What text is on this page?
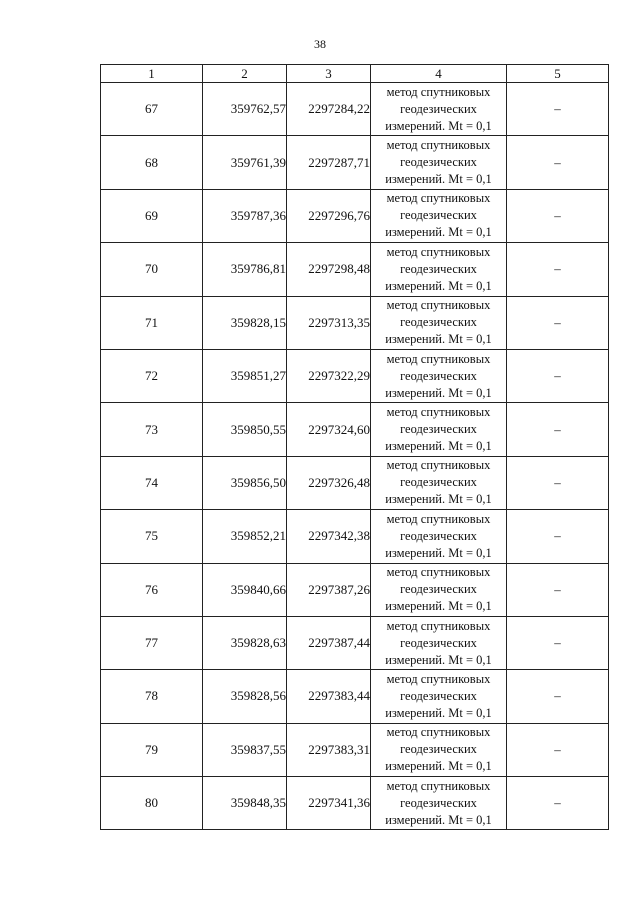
38
1	2	3	4	5
67	359762,57	2297284,22	метод спутниковых
геодезических
измерений. Mt = 0,1	–
68	359761,39	2297287,71	метод спутниковых
геодезических
измерений. Mt = 0,1	–
69	359787,36	2297296,76	метод спутниковых
геодезических
измерений. Mt = 0,1	–
70	359786,81	2297298,48	метод спутниковых
геодезических
измерений. Mt = 0,1	–
71	359828,15	2297313,35	метод спутниковых
геодезических
измерений. Mt = 0,1	–
72	359851,27	2297322,29	метод спутниковых
геодезических
измерений. Mt = 0,1	–
73	359850,55	2297324,60	метод спутниковых
геодезических
измерений. Mt = 0,1	–
74	359856,50	2297326,48	метод спутниковых
геодезических
измерений. Mt = 0,1	–
75	359852,21	2297342,38	метод спутниковых
геодезических
измерений. Mt = 0,1	–
76	359840,66	2297387,26	метод спутниковых
геодезических
измерений. Mt = 0,1	–
77	359828,63	2297387,44	метод спутниковых
геодезических
измерений. Mt = 0,1	–
78	359828,56	2297383,44	метод спутниковых
геодезических
измерений. Mt = 0,1	–
79	359837,55	2297383,31	метод спутниковых
геодезических
измерений. Mt = 0,1	–
80	359848,35	2297341,36	метод спутниковых
геодезических
измерений. Mt = 0,1	–
